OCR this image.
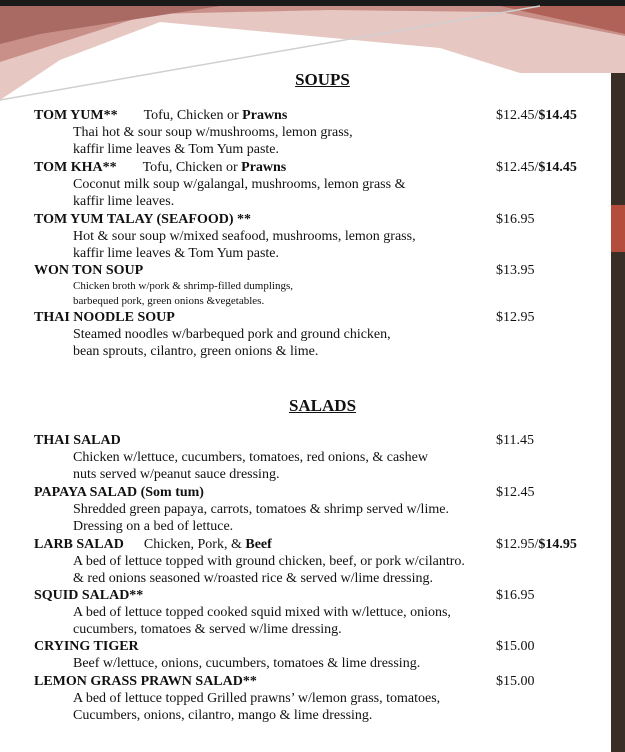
SOUPS
TOM YUM** Tofu, Chicken or Prawns	$12.45/$14.45
Thai hot & sour soup w/mushrooms, lemon grass,
kaffir lime leaves & Tom Yum paste.
TOM KHA** Tofu, Chicken or Prawns	$12.45/$14.45
Coconut milk soup w/galangal, mushrooms, lemon grass &
kaffir lime leaves.
TOM YUM TALAY (SEAFOOD) **	$16.95
Hot & sour soup w/mixed seafood, mushrooms, lemon grass,
kaffir lime leaves & Tom Yum paste.
WON TON SOUP	$13.95
Chicken broth w/pork & shrimp-filled dumplings,
barbequed pork, green onions &vegetables.
THAI NOODLE SOUP	$12.95
Steamed noodles w/barbequed pork and ground chicken,
bean sprouts, cilantro, green onions & lime.
SALADS
THAI SALAD	$11.45
Chicken w/lettuce, cucumbers, tomatoes, red onions, & cashew
nuts served w/peanut sauce dressing.
PAPAYA SALAD (Som tum)	$12.45
Shredded green papaya, carrots, tomatoes & shrimp served w/lime.
Dressing on a bed of lettuce.
LARB SALAD Chicken, Pork, & Beef	$12.95/$14.95
A bed of lettuce topped with ground chicken, beef, or pork w/cilantro.
& red onions seasoned w/roasted rice & served w/lime dressing.
SQUID SALAD**	$16.95
A bed of lettuce topped cooked squid mixed with w/lettuce, onions,
cucumbers, tomatoes & served w/lime dressing.
CRYING TIGER	$15.00
Beef w/lettuce, onions, cucumbers, tomatoes & lime dressing.
LEMON GRASS PRAWN SALAD**	$15.00
A bed of lettuce topped Grilled prawns’ w/lemon grass, tomatoes,
Cucumbers, onions, cilantro, mango & lime dressing.
